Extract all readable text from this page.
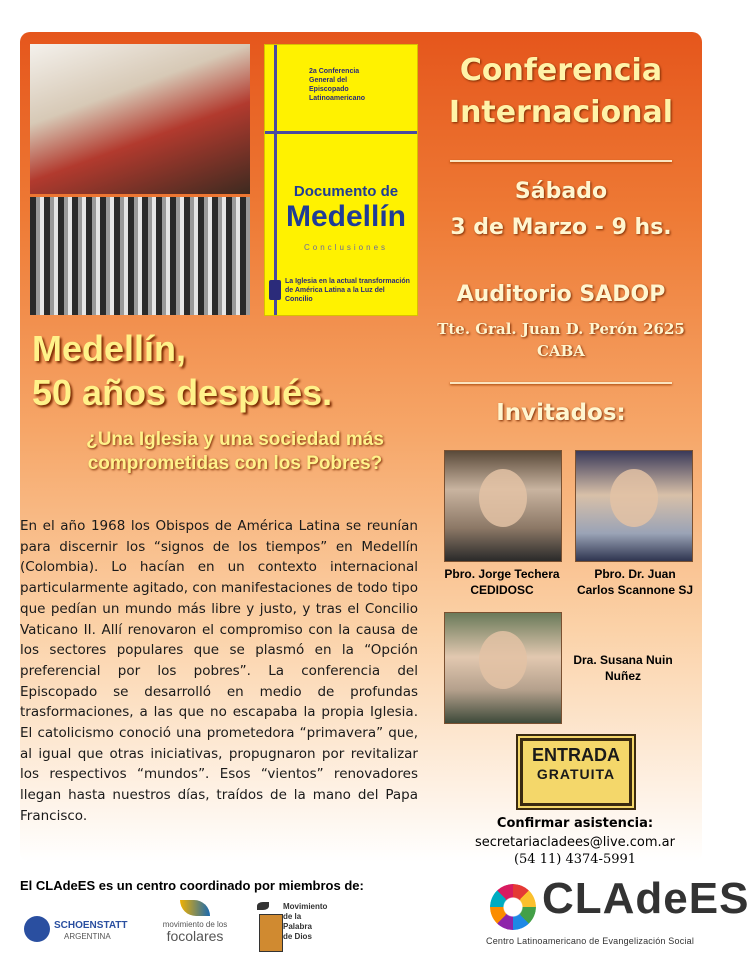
2a Conferencia
General del
Episcopado
Latinoamericano
Documento de
Medellín
Conclusiones
La Iglesia en la actual transformación de América Latina a la Luz del Concilio
Conferencia
Internacional
Sábado
3 de Marzo - 9 hs.
Auditorio SADOP
Tte. Gral. Juan D. Perón 2625
CABA
Invitados:
Pbro. Jorge Techera
CEDIDOSC
Pbro. Dr. Juan
Carlos Scannone SJ
Dra. Susana Nuin
Nuñez
Medellín,
50 años después.
¿Una Iglesia y una sociedad más comprometidas con los Pobres?
En el año 1968 los Obispos de América Latina se reunían para discernir los “signos de los tiempos” en Medellín (Colombia). Lo hacían en un contexto internacional particularmente agitado, con manifestaciones de todo tipo que pedían un mundo más libre y justo, y tras el Concilio Vaticano II. Allí renovaron el compromiso con la causa de los sectores populares que se plasmó en la “Opción preferencial por los pobres”. La conferencia del Episcopado se desarrolló en medio de profundas trasformaciones, a las que no escapaba la propia Iglesia. El catolicismo conoció una prometedora “primavera” que, al igual que otras iniciativas, propugnaron por revitalizar los respectivos “mundos”. Esos “vientos” renovadores llegan hasta nuestros días, traídos de la mano del Papa Francisco.
ENTRADA
GRATUITA
Confirmar asistencia:
secretariacladees@live.com.ar
(54 11) 4374-5991
El CLAdeES es un centro coordinado por miembros de:
SCHOENSTATT
ARGENTINA
movimiento de los
focolares
Movimiento de la Palabra de Dios
CLAdeES
Centro Latinoamericano de Evangelización Social
